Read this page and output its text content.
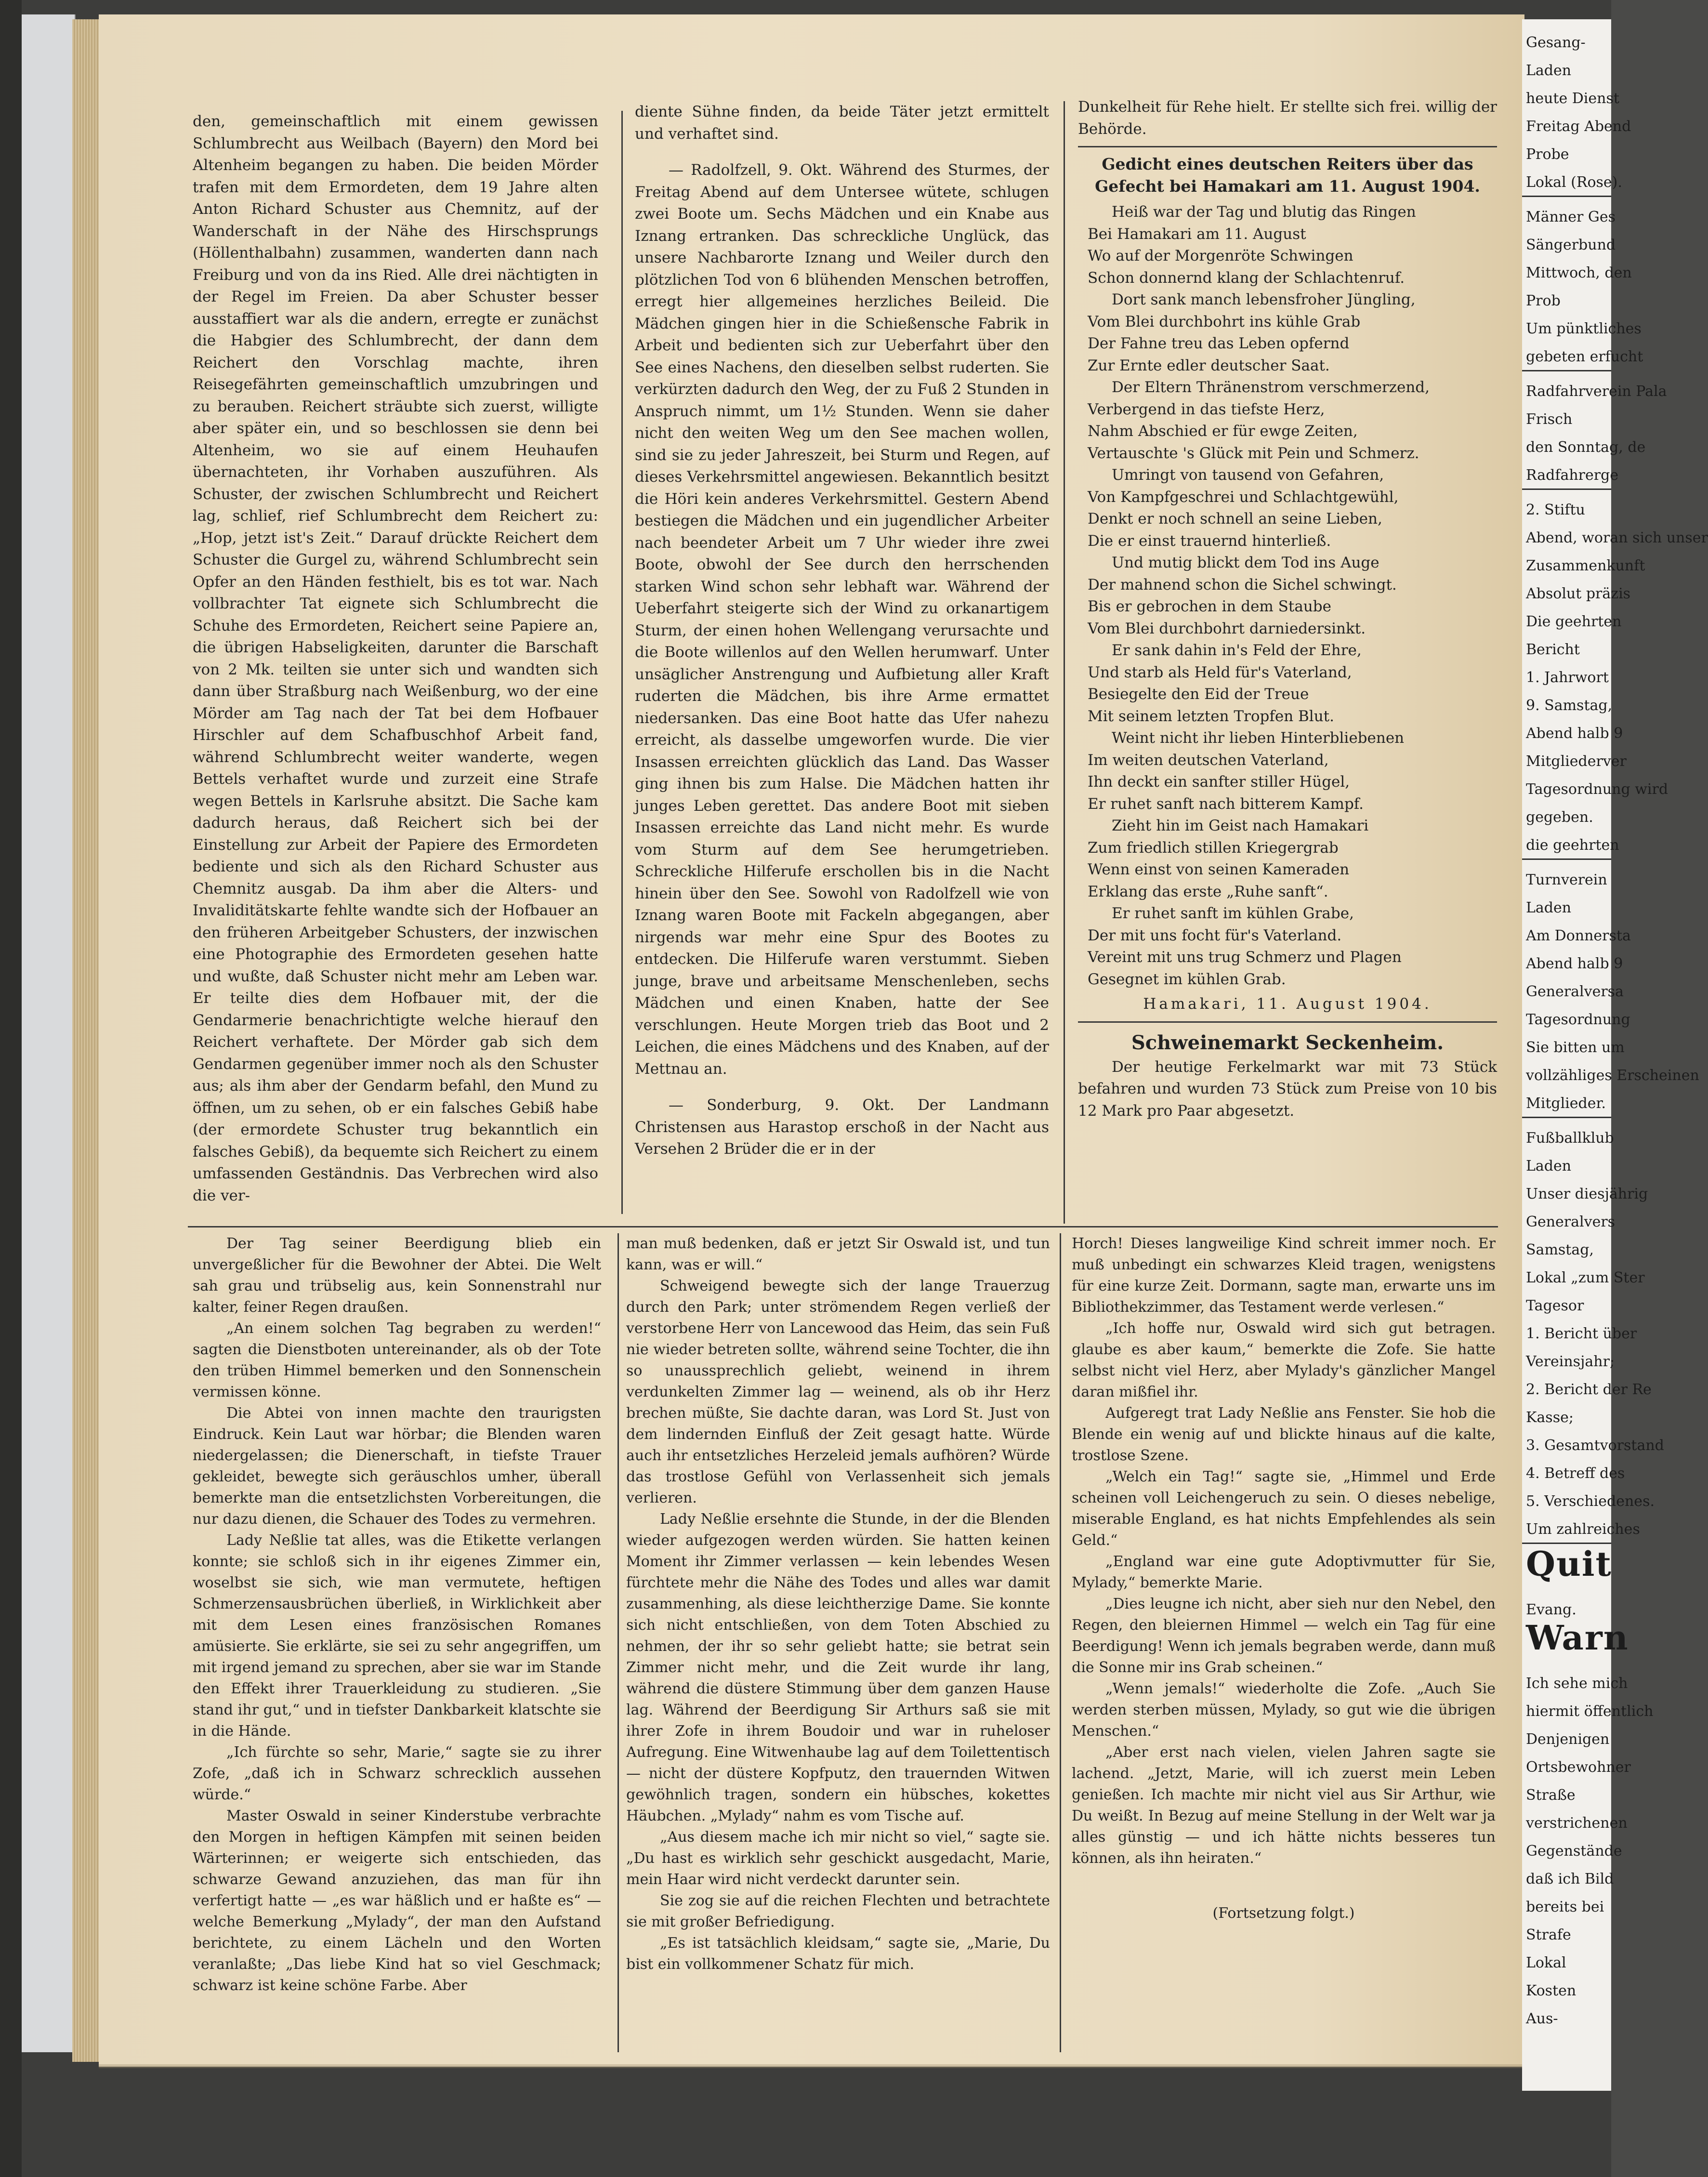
den, gemeinschaftlich mit einem gewissen Schlumbrecht aus Weilbach (Bayern) den Mord bei Altenheim begangen zu haben. Die beiden Mörder trafen mit dem Ermordeten, dem 19 Jahre alten Anton Richard Schuster aus Chemnitz, auf der Wanderschaft in der Nähe des Hirschsprungs (Höllenthalbahn) zusammen, wanderten dann nach Freiburg und von da ins Ried. Alle drei nächtigten in der Regel im Freien. Da aber Schuster besser ausstaffiert war als die andern, erregte er zunächst die Habgier des Schlumbrecht, der dann dem Reichert den Vorschlag machte, ihren Reisegefährten gemeinschaftlich umzubringen und zu berauben. Reichert sträubte sich zuerst, willigte aber später ein, und so beschlossen sie denn bei Altenheim, wo sie auf einem Heuhaufen übernachteten, ihr Vorhaben auszuführen. Als Schuster, der zwischen Schlumbrecht und Reichert lag, schlief, rief Schlumbrecht dem Reichert zu: „Hop, jetzt ist's Zeit.“ Darauf drückte Reichert dem Schuster die Gurgel zu, während Schlumbrecht sein Opfer an den Händen festhielt, bis es tot war. Nach vollbrachter Tat eignete sich Schlumbrecht die Schuhe des Ermordeten, Reichert seine Papiere an, die übrigen Habseligkeiten, darunter die Barschaft von 2 Mk. teilten sie unter sich und wandten sich dann über Straßburg nach Weißenburg, wo der eine Mörder am Tag nach der Tat bei dem Hofbauer Hirschler auf dem Schafbuschhof Arbeit fand, während Schlumbrecht weiter wanderte, wegen Bettels verhaftet wurde und zurzeit eine Strafe wegen Bettels in Karlsruhe absitzt. Die Sache kam dadurch heraus, daß Reichert sich bei der Einstellung zur Arbeit der Papiere des Ermordeten bediente und sich als den Richard Schuster aus Chemnitz ausgab. Da ihm aber die Alters- und Invaliditätskarte fehlte wandte sich der Hofbauer an den früheren Arbeitgeber Schusters, der inzwischen eine Photographie des Ermordeten gesehen hatte und wußte, daß Schuster nicht mehr am Leben war. Er teilte dies dem Hofbauer mit, der die Gendarmerie benachrichtigte welche hierauf den Reichert verhaftete. Der Mörder gab sich dem Gendarmen gegenüber immer noch als den Schuster aus; als ihm aber der Gendarm befahl, den Mund zu öffnen, um zu sehen, ob er ein falsches Gebiß habe (der ermordete Schuster trug bekanntlich ein falsches Gebiß), da bequemte sich Reichert zu einem umfassenden Geständnis. Das Verbrechen wird also die ver-

diente Sühne finden, da beide Täter jetzt ermittelt und verhaftet sind.

— Radolfzell, 9. Okt. Während des Sturmes, der Freitag Abend auf dem Untersee wütete, schlugen zwei Boote um. Sechs Mädchen und ein Knabe aus Iznang ertranken. Das schreckliche Unglück, das unsere Nachbarorte Iznang und Weiler durch den plötzlichen Tod von 6 blühenden Menschen betroffen, erregt hier allgemeines herzliches Beileid. Die Mädchen gingen hier in die Schießensche Fabrik in Arbeit und bedienten sich zur Ueberfahrt über den See eines Nachens, den dieselben selbst ruderten. Sie verkürzten dadurch den Weg, der zu Fuß 2 Stunden in Anspruch nimmt, um 1½ Stunden. Wenn sie daher nicht den weiten Weg um den See machen wollen, sind sie zu jeder Jahreszeit, bei Sturm und Regen, auf dieses Verkehrsmittel angewiesen. Bekanntlich besitzt die Höri kein anderes Verkehrsmittel. Gestern Abend bestiegen die Mädchen und ein jugendlicher Arbeiter nach beendeter Arbeit um 7 Uhr wieder ihre zwei Boote, obwohl der See durch den herrschenden starken Wind schon sehr lebhaft war. Während der Ueberfahrt steigerte sich der Wind zu orkanartigem Sturm, der einen hohen Wellengang verursachte und die Boote willenlos auf den Wellen herumwarf. Unter unsäglicher Anstrengung und Aufbietung aller Kraft ruderten die Mädchen, bis ihre Arme ermattet niedersanken. Das eine Boot hatte das Ufer nahezu erreicht, als dasselbe umgeworfen wurde. Die vier Insassen erreichten glücklich das Land. Das Wasser ging ihnen bis zum Halse. Die Mädchen hatten ihr junges Leben gerettet. Das andere Boot mit sieben Insassen erreichte das Land nicht mehr. Es wurde vom Sturm auf dem See herumgetrieben. Schreckliche Hilferufe erschollen bis in die Nacht hinein über den See. Sowohl von Radolfzell wie von Iznang waren Boote mit Fackeln abgegangen, aber nirgends war mehr eine Spur des Bootes zu entdecken. Die Hilferufe waren verstummt. Sieben junge, brave und arbeitsame Menschenleben, sechs Mädchen und einen Knaben, hatte der See verschlungen. Heute Morgen trieb das Boot und 2 Leichen, die eines Mädchens und des Knaben, auf der Mettnau an.

— Sonderburg, 9. Okt. Der Landmann Christensen aus Harastop erschoß in der Nacht aus Versehen 2 Brüder die er in der

Dunkelheit für Rehe hielt. Er stellte sich frei. willig der Behörde.

Gedicht eines deutschen Reiters über das Gefecht bei Hamakari am 11. August 1904.

Heiß war der Tag und blutig das Ringen

Bei Hamakari am 11. August

Wo auf der Morgenröte Schwingen

Schon donnernd klang der Schlachtenruf.

Dort sank manch lebensfroher Jüngling,

Vom Blei durchbohrt ins kühle Grab

Der Fahne treu das Leben opfernd

Zur Ernte edler deutscher Saat.

Der Eltern Thränenstrom verschmerzend,

Verbergend in das tiefste Herz,

Nahm Abschied er für ewge Zeiten,

Vertauschte 's Glück mit Pein und Schmerz.

Umringt von tausend von Gefahren,

Von Kampfgeschrei und Schlachtgewühl,

Denkt er noch schnell an seine Lieben,

Die er einst trauernd hinterließ.

Und mutig blickt dem Tod ins Auge

Der mahnend schon die Sichel schwingt.

Bis er gebrochen in dem Staube

Vom Blei durchbohrt darniedersinkt.

Er sank dahin in's Feld der Ehre,

Und starb als Held für's Vaterland,

Besiegelte den Eid der Treue

Mit seinem letzten Tropfen Blut.

Weint nicht ihr lieben Hinterbliebenen

Im weiten deutschen Vaterland,

Ihn deckt ein sanfter stiller Hügel,

Er ruhet sanft nach bitterem Kampf.

Zieht hin im Geist nach Hamakari

Zum friedlich stillen Kriegergrab

Wenn einst von seinen Kameraden

Erklang das erste „Ruhe sanft“.

Er ruhet sanft im kühlen Grabe,

Der mit uns focht für's Vaterland.

Vereint mit uns trug Schmerz und Plagen

Gesegnet im kühlen Grab.

Hamakari, 11. August 1904.

Schweinemarkt Seckenheim.

Der heutige Ferkelmarkt war mit 73 Stück befahren und wurden 73 Stück zum Preise von 10 bis 12 Mark pro Paar abgesetzt.

Der Tag seiner Beerdigung blieb ein unvergeßlicher für die Bewohner der Abtei. Die Welt sah grau und trübselig aus, kein Sonnenstrahl nur kalter, feiner Regen draußen.

„An einem solchen Tag begraben zu werden!“ sagten die Dienstboten untereinander, als ob der Tote den trüben Himmel bemerken und den Sonnenschein vermissen könne.

Die Abtei von innen machte den traurigsten Eindruck. Kein Laut war hörbar; die Blenden waren niedergelassen; die Dienerschaft, in tiefste Trauer gekleidet, bewegte sich geräuschlos umher, überall bemerkte man die entsetzlichsten Vorbereitungen, die nur dazu dienen, die Schauer des Todes zu vermehren.

Lady Neßlie tat alles, was die Etikette verlangen konnte; sie schloß sich in ihr eigenes Zimmer ein, woselbst sie sich, wie man vermutete, heftigen Schmerzensausbrüchen überließ, in Wirklichkeit aber mit dem Lesen eines französischen Romanes amüsierte. Sie erklärte, sie sei zu sehr angegriffen, um mit irgend jemand zu sprechen, aber sie war im Stande den Effekt ihrer Trauerkleidung zu studieren. „Sie stand ihr gut,“ und in tiefster Dankbarkeit klatschte sie in die Hände.

„Ich fürchte so sehr, Marie,“ sagte sie zu ihrer Zofe, „daß ich in Schwarz schrecklich aussehen würde.“

Master Oswald in seiner Kinderstube verbrachte den Morgen in heftigen Kämpfen mit seinen beiden Wärterinnen; er weigerte sich entschieden, das schwarze Gewand anzuziehen, das man für ihn verfertigt hatte — „es war häßlich und er haßte es“ — welche Bemerkung „Mylady“, der man den Aufstand berichtete, zu einem Lächeln und den Worten veranlaßte; „Das liebe Kind hat so viel Geschmack; schwarz ist keine schöne Farbe. Aber

man muß bedenken, daß er jetzt Sir Oswald ist, und tun kann, was er will.“

Schweigend bewegte sich der lange Trauerzug durch den Park; unter strömendem Regen verließ der verstorbene Herr von Lancewood das Heim, das sein Fuß nie wieder betreten sollte, während seine Tochter, die ihn so unaussprechlich geliebt, weinend in ihrem verdunkelten Zimmer lag — weinend, als ob ihr Herz brechen müßte, Sie dachte daran, was Lord St. Just von dem lindernden Einfluß der Zeit gesagt hatte. Würde auch ihr entsetzliches Herzeleid jemals aufhören? Würde das trostlose Gefühl von Verlassenheit sich jemals verlieren.

Lady Neßlie ersehnte die Stunde, in der die Blenden wieder aufgezogen werden würden. Sie hatten keinen Moment ihr Zimmer verlassen — kein lebendes Wesen fürchtete mehr die Nähe des Todes und alles war damit zusammenhing, als diese leichtherzige Dame. Sie konnte sich nicht entschließen, von dem Toten Abschied zu nehmen, der ihr so sehr geliebt hatte; sie betrat sein Zimmer nicht mehr, und die Zeit wurde ihr lang, während die düstere Stimmung über dem ganzen Hause lag. Während der Beerdigung Sir Arthurs saß sie mit ihrer Zofe in ihrem Boudoir und war in ruheloser Aufregung. Eine Witwenhaube lag auf dem Toilettentisch — nicht der düstere Kopfputz, den trauernden Witwen gewöhnlich tragen, sondern ein hübsches, kokettes Häubchen. „Mylady“ nahm es vom Tische auf.

„Aus diesem mache ich mir nicht so viel,“ sagte sie. „Du hast es wirklich sehr geschickt ausgedacht, Marie, mein Haar wird nicht verdeckt darunter sein.

Sie zog sie auf die reichen Flechten und betrachtete sie mit großer Befriedigung.

„Es ist tatsächlich kleidsam,“ sagte sie, „Marie, Du bist ein vollkommener Schatz für mich.

Horch! Dieses langweilige Kind schreit immer noch. Er muß unbedingt ein schwarzes Kleid tragen, wenigstens für eine kurze Zeit. Dormann, sagte man, erwarte uns im Bibliothekzimmer, das Testament werde verlesen.“

„Ich hoffe nur, Oswald wird sich gut betragen. glaube es aber kaum,“ bemerkte die Zofe. Sie hatte selbst nicht viel Herz, aber Mylady's gänzlicher Mangel daran mißfiel ihr.

Aufgeregt trat Lady Neßlie ans Fenster. Sie hob die Blende ein wenig auf und blickte hinaus auf die kalte, trostlose Szene.

„Welch ein Tag!“ sagte sie, „Himmel und Erde scheinen voll Leichengeruch zu sein. O dieses nebelige, miserable England, es hat nichts Empfehlendes als sein Geld.“

„England war eine gute Adoptivmutter für Sie, Mylady,“ bemerkte Marie.

„Dies leugne ich nicht, aber sieh nur den Nebel, den Regen, den bleiernen Himmel — welch ein Tag für eine Beerdigung! Wenn ich jemals begraben werde, dann muß die Sonne mir ins Grab scheinen.“

„Wenn jemals!“ wiederholte die Zofe. „Auch Sie werden sterben müssen, Mylady, so gut wie die übrigen Menschen.“

„Aber erst nach vielen, vielen Jahren sagte sie lachend. „Jetzt, Marie, will ich zuerst mein Leben genießen. Ich machte mir nicht viel aus Sir Arthur, wie Du weißt. In Bezug auf meine Stellung in der Welt war ja alles günstig — und ich hätte nichts besseres tun können, als ihn heiraten.“

(Fortsetzung folgt.)

Gesang-
Laden
heute Dienst
Freitag Abend
Probe
Lokal (Rose).
Männer Ges
Sängerbund
Mittwoch, den
Prob
Um pünktliches
gebeten erfucht
Radfahrverein Pala
Frisch
den Sonntag, de
Radfahrerge
2. Stiftu
Abend, woran sich unser
Zusammenkunft
Absolut präzis
Die geehrten
Bericht
1. Jahrwort
9. Samstag,
Abend halb 9
Mitgliederver
Tagesordnung wird
gegeben.
die geehrten
Turnverein
Laden
Am Donnersta
Abend halb 9
Generalversa
Tagesordnung
Sie bitten um
vollzähliges Erscheinen
Mitglieder.
Fußballklub
Laden
Unser diesjährig
Generalvers
Samstag,
Lokal „zum Ster
Tagesor
1. Bericht über
Vereinsjahr;
2. Bericht der Re
Kasse;
3. Gesamtvorstand
4. Betreff des
5. Verschiedenes.
Um zahlreiches
Quit
Evang.
Warn
Ich sehe mich
hiermit öffentlich
Denjenigen
Ortsbewohner
Straße
verstrichenen
Gegenstände
daß ich Bild
bereits bei
Strafe
Lokal
Kosten
Aus-
